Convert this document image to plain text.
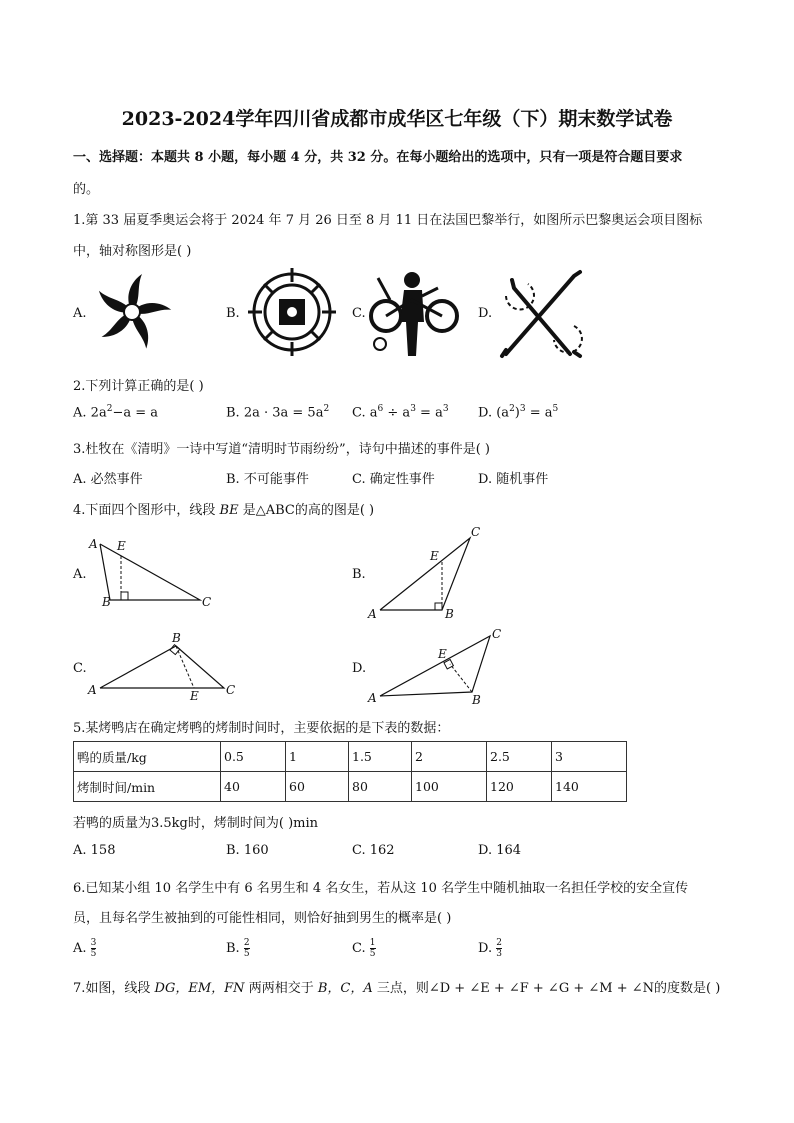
2023-2024学年四川省成都市成华区七年级（下）期末数学试卷
一、选择题：本题共 8 小题，每小题 4 分，共 32 分。在每小题给出的选项中，只有一项是符合题目要求
的。
1.第 33 届夏季奥运会将于 2024 年 7 月 26 日至 8 月 11 日在法国巴黎举行，如图所示巴黎奥运会项目图标
中，轴对称图形是( )
A.	B.	C.	D.
2.下列计算正确的是( )
A. $2a^2-a = a$	B. $2a \cdot 3a = 5a^2$ C. $a^6 \div a^3 = a^3$ D. $(a^2)^3 = a^5$
3.杜牧在《清明》一诗中写道“清明时节雨纷纷”，诗句中描述的事件是( )
A. 必然事件	B. 不可能事件	C. 确定性事件	D. 随机事件
4.下面四个图形中，线段 BE 是△ABC的高的图是( )
A.
A E
B	C
B.
A	B
C
E
C.
A
B
C
E
D.
A	B
C
E
5.某烤鸭店在确定烤鸭的烤制时间时，主要依据的是下表的数据：
鸭的质量/kg	0.5	1	1.5	2	2.5	3
烤制时间/min	40	60	80	100	120	140
若鸭的质量为3.5kg时，烤制时间为( )min
A. 158	B. 160	C. 162	D. 164
6.已知某小组 10 名学生中有 6 名男生和 4 名女生，若从这 10 名学生中随机抽取一名担任学校的安全宣传
员，且每名学生被抽到的可能性相同，则恰好抽到男生的概率是( )
A. $\frac{3}{5}$	B. $\frac{2}{5}$	C. $\frac{1}{5}$	D. $\frac{2}{3}$
7.如图，线段 DG，EM，FN 两两相交于 B，C，A 三点，则∠D + ∠E + ∠F + ∠G + ∠M + ∠N的度数是( )
